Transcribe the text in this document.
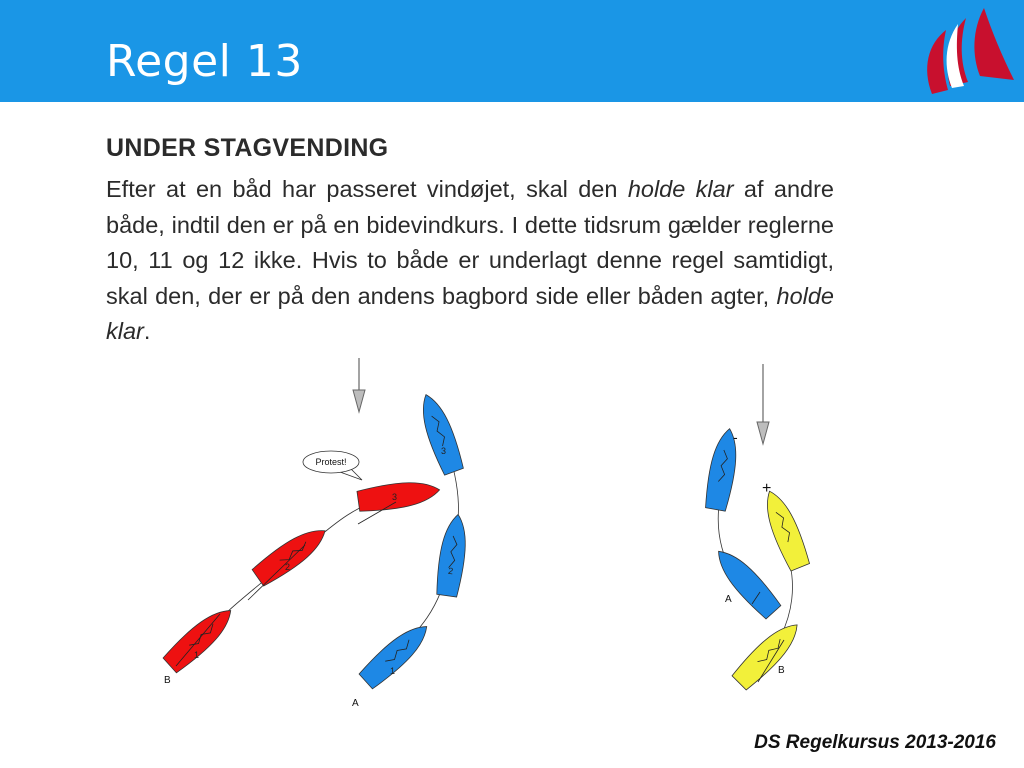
Regel 13
UNDER STAGVENDING
Efter at en båd har passeret vindøjet, skal den holde klar af andre både, indtil den er på en bidevindkurs. I dette tidsrum gælder reglerne 10, 11 og 12 ikke. Hvis to både er underlagt denne regel samtidigt, skal den, der er på den andens bagbord side eller båden agter, holde klar.
1
2
3
1
2
3
Protest!
B
A
-
+
A
B
DS Regelkursus 2013-2016
